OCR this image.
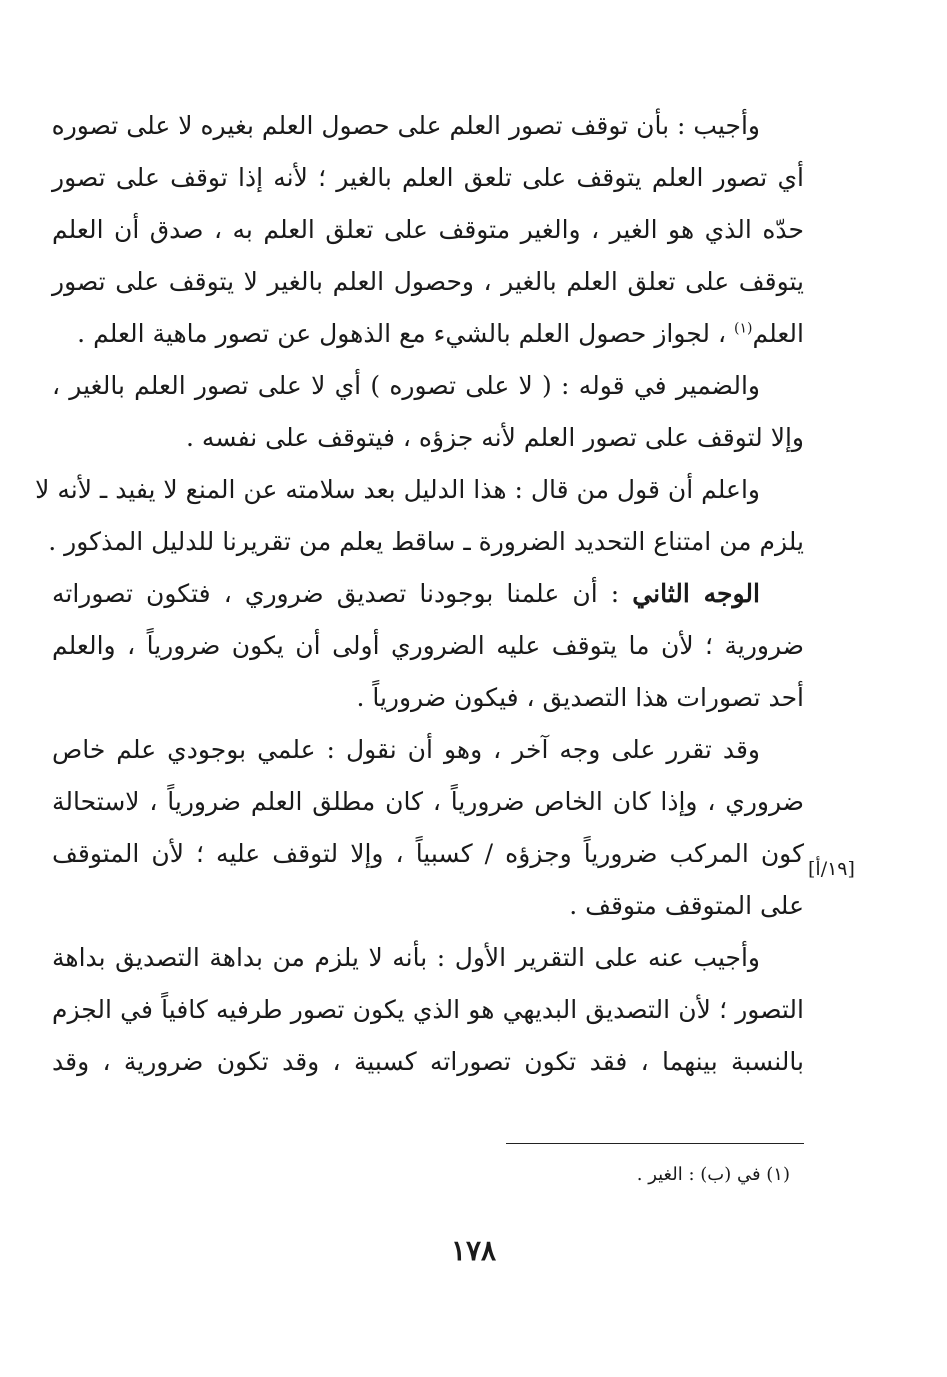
وأجيب : بأن توقف تصور العلم على حصول العلم بغيره لا على تصوره
أي تصور العلم يتوقف على تلعق العلم بالغير ؛ لأنه إذا توقف على تصور
حدّه الذي هو الغير ، والغير متوقف على تعلق العلم به ، صدق أن العلم
يتوقف على تعلق العلم بالغير ، وحصول العلم بالغير لا يتوقف على تصور
العلم$^{(١)}$ ، لجواز حصول العلم بالشيء مع الذهول عن تصور ماهية العلم .
والضمير في قوله : ( لا على تصوره ) أي لا على تصور العلم بالغير ،
وإلا لتوقف على تصور العلم لأنه جزؤه ، فيتوقف على نفسه .
واعلم أن قول من قال : هذا الدليل بعد سلامته عن المنع لا يفيد ـ لأنه لا
يلزم من امتناع التحديد الضرورة ـ ساقط يعلم من تقريرنا للدليل المذكور .
الوجه الثاني : أن علمنا بوجودنا تصديق ضروري ، فتكون تصوراته
ضرورية ؛ لأن ما يتوقف عليه الضروري أولى أن يكون ضرورياً ، والعلم
أحد تصورات هذا التصديق ، فيكون ضرورياً .
وقد تقرر على وجه آخر ، وهو أن نقول : علمي بوجودي علم خاص
ضروري ، وإذا كان الخاص ضرورياً ، كان مطلق العلم ضرورياً ، لاستحالة
كون المركب ضرورياً وجزؤه / كسبياً ، وإلا لتوقف عليه ؛ لأن المتوقف
على المتوقف متوقف .
وأجيب عنه على التقرير الأول : بأنه لا يلزم من بداهة التصديق بداهة
التصور ؛ لأن التصديق البديهي هو الذي يكون تصور طرفيه كافياً في الجزم
بالنسبة بينهما ، فقد تكون تصوراته كسبية ، وقد تكون ضرورية ، وقد
[١٩/أ]
(١) في (ب) : الغير .
١٧٨
